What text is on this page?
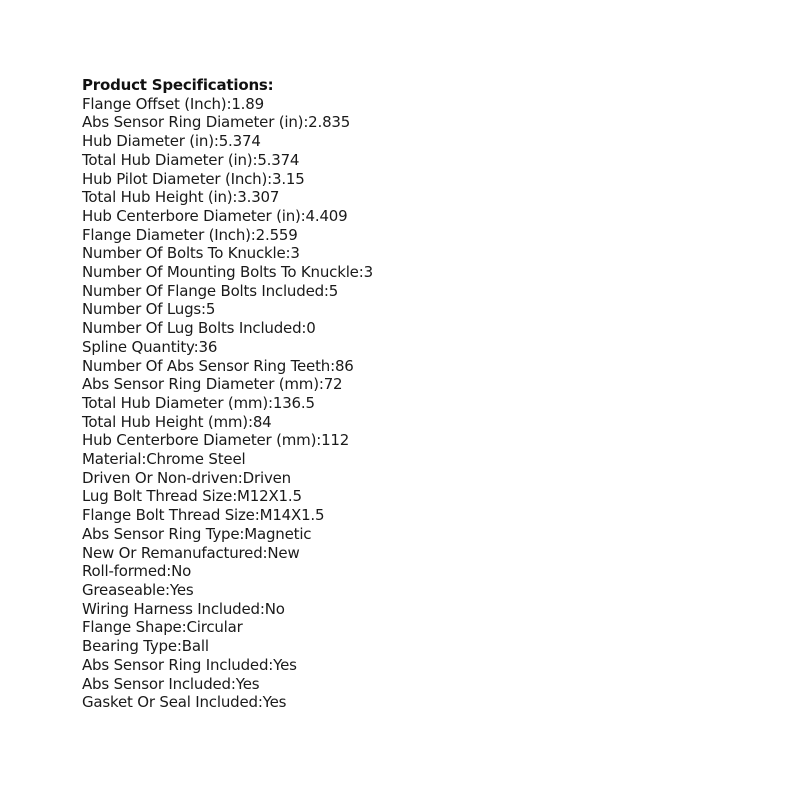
Product Specifications:
Flange Offset (Inch):1.89
Abs Sensor Ring Diameter (in):2.835
Hub Diameter (in):5.374
Total Hub Diameter (in):5.374
Hub Pilot Diameter (Inch):3.15
Total Hub Height (in):3.307
Hub Centerbore Diameter (in):4.409
Flange Diameter (Inch):2.559
Number Of Bolts To Knuckle:3
Number Of Mounting Bolts To Knuckle:3
Number Of Flange Bolts Included:5
Number Of Lugs:5
Number Of Lug Bolts Included:0
Spline Quantity:36
Number Of Abs Sensor Ring Teeth:86
Abs Sensor Ring Diameter (mm):72
Total Hub Diameter (mm):136.5
Total Hub Height (mm):84
Hub Centerbore Diameter (mm):112
Material:Chrome Steel
Driven Or Non-driven:Driven
Lug Bolt Thread Size:M12X1.5
Flange Bolt Thread Size:M14X1.5
Abs Sensor Ring Type:Magnetic
New Or Remanufactured:New
Roll-formed:No
Greaseable:Yes
Wiring Harness Included:No
Flange Shape:Circular
Bearing Type:Ball
Abs Sensor Ring Included:Yes
Abs Sensor Included:Yes
Gasket Or Seal Included:Yes
